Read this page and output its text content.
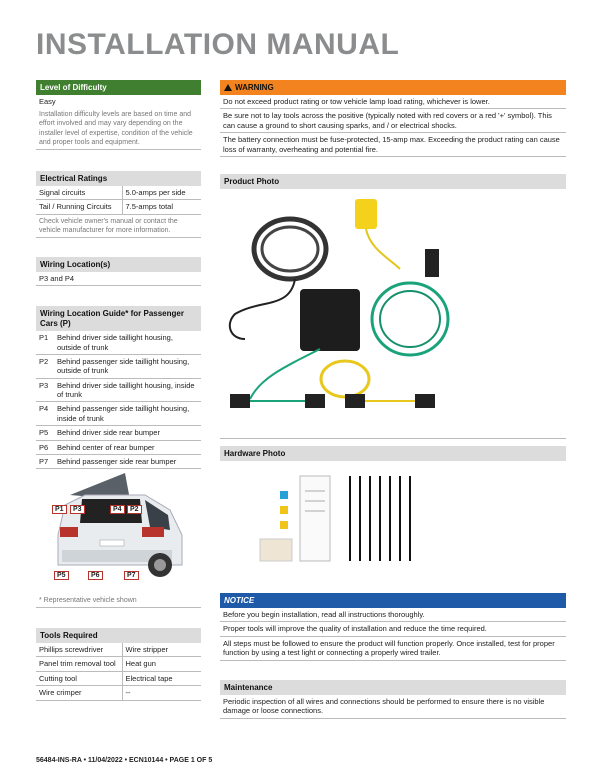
INSTALLATION MANUAL
Level of Difficulty
Easy
Installation difficulty levels are based on time and effort involved and may vary depending on the installer level of expertise, condition of the vehicle and proper tools and equipment.
Electrical Ratings
Signal circuits	5.0-amps per side
Tail / Running Circuits	7.5-amps total
Check vehicle owner's manual or contact the vehicle manufacturer for more information.
Wiring Location(s)
P3 and P4
Wiring Location Guide* for Passenger Cars (P)
P1	Behind driver side taillight housing, outside of trunk
P2	Behind passenger side taillight housing, outside of trunk
P3	Behind driver side taillight housing, inside of trunk
P4	Behind passenger side taillight housing, inside of trunk
P5	Behind driver side rear bumper
P6	Behind center of rear bumper
P7	Behind passenger side rear bumper
P1	P3	P4	P2
P5	P6	P7
* Representative vehicle shown
Tools Required
Phillips screwdriver	Wire stripper
Panel trim removal tool	Heat gun
Cutting tool	Electrical tape
Wire crimper	--
WARNING
Do not exceed product rating or tow vehicle lamp load rating, whichever is lower.
Be sure not to lay tools across the positive (typically noted with red covers or a red '+' symbol). This can cause a ground to short causing sparks, and / or electrical shocks.
The battery connection must be fuse-protected, 15-amp max. Exceeding the product rating can cause loss of warranty, overheating and potential fire.
Product Photo
Hardware Photo
NOTICE
Before you begin installation, read all instructions thoroughly.
Proper tools will improve the quality of installation and reduce the time required.
All steps must be followed to ensure the product will function properly. Once installed, test for proper function by using a test light or connecting a properly wired trailer.
Maintenance
Periodic inspection of all wires and connections should be performed to ensure there is no visible damage or loose connections.
56484-INS-RA • 11/04/2022 • ECN10144 • PAGE 1 OF 5
